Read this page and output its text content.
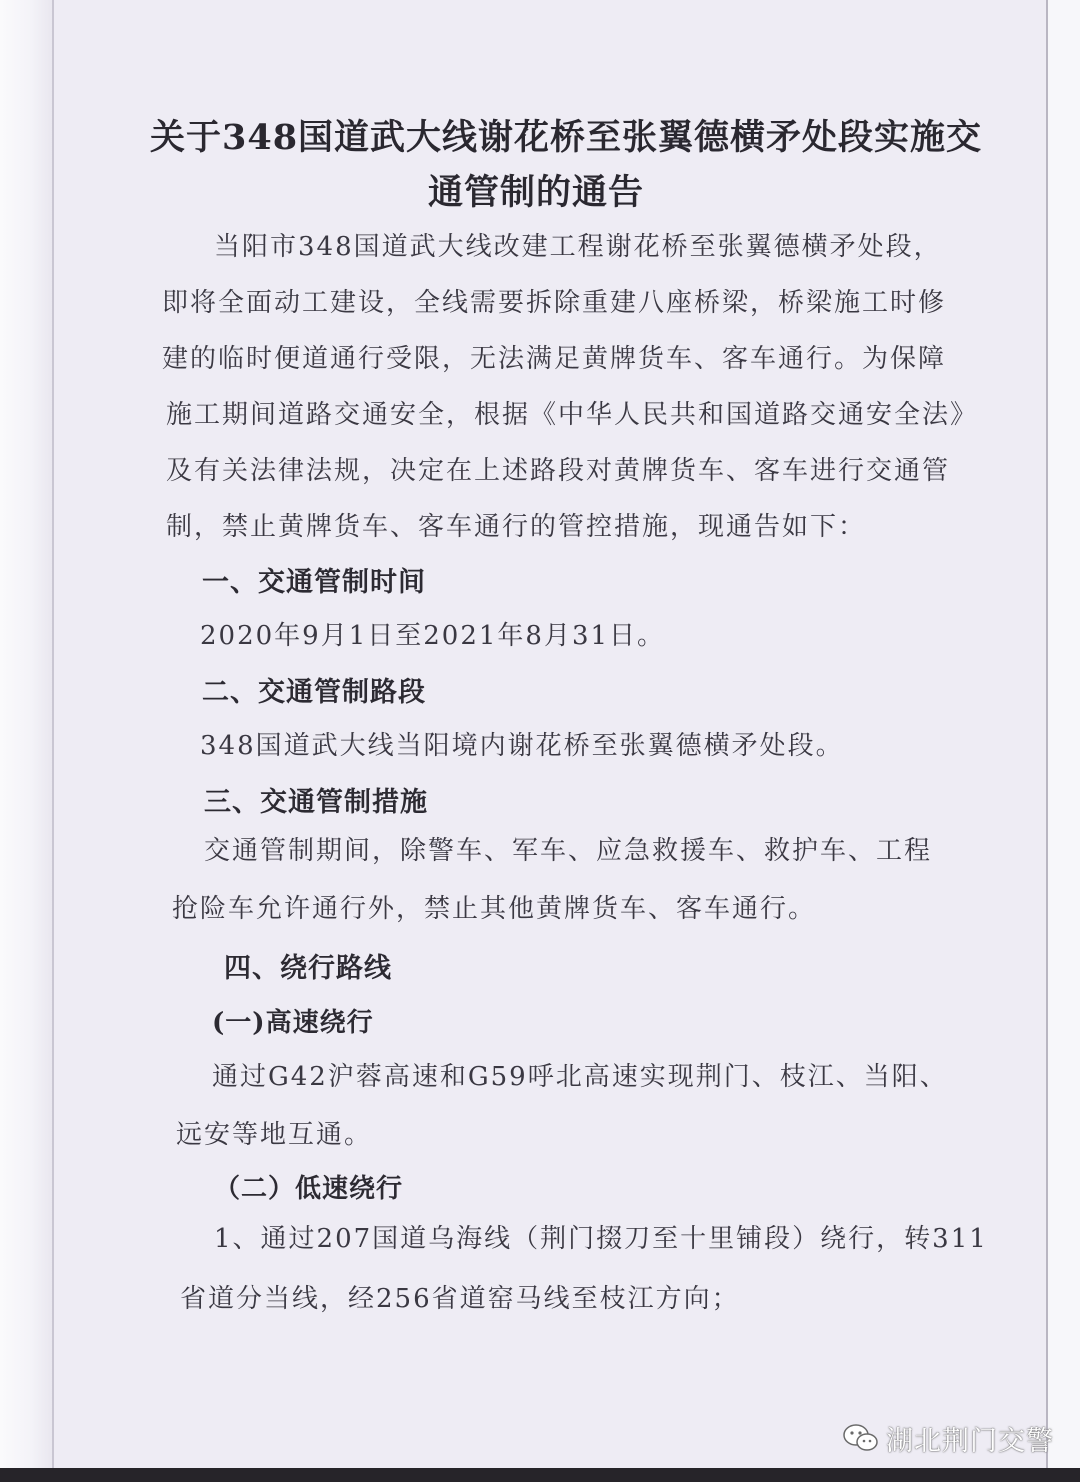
关于348国道武大线谢花桥至张翼德横矛处段实施交
通管制的通告

当阳市348国道武大线改建工程谢花桥至张翼德横矛处段，

即将全面动工建设，全线需要拆除重建八座桥梁，桥梁施工时修

建的临时便道通行受限，无法满足黄牌货车、客车通行。为保障

施工期间道路交通安全，根据《中华人民共和国道路交通安全法》

及有关法律法规，决定在上述路段对黄牌货车、客车进行交通管

制，禁止黄牌货车、客车通行的管控措施，现通告如下：

一、交通管制时间

2020年9月1日至2021年8月31日。

二、交通管制路段

348国道武大线当阳境内谢花桥至张翼德横矛处段。

三、交通管制措施

交通管制期间，除警车、军车、应急救援车、救护车、工程

抢险车允许通行外，禁止其他黄牌货车、客车通行。

四、绕行路线
(一)高速绕行

通过G42沪蓉高速和G59呼北高速实现荆门、枝江、当阳、

远安等地互通。

（二）低速绕行

1、通过207国道乌海线（荆门掇刀至十里铺段）绕行，转311

省道分当线，经256省道窑马线至枝江方向；

湖北荆门交警
